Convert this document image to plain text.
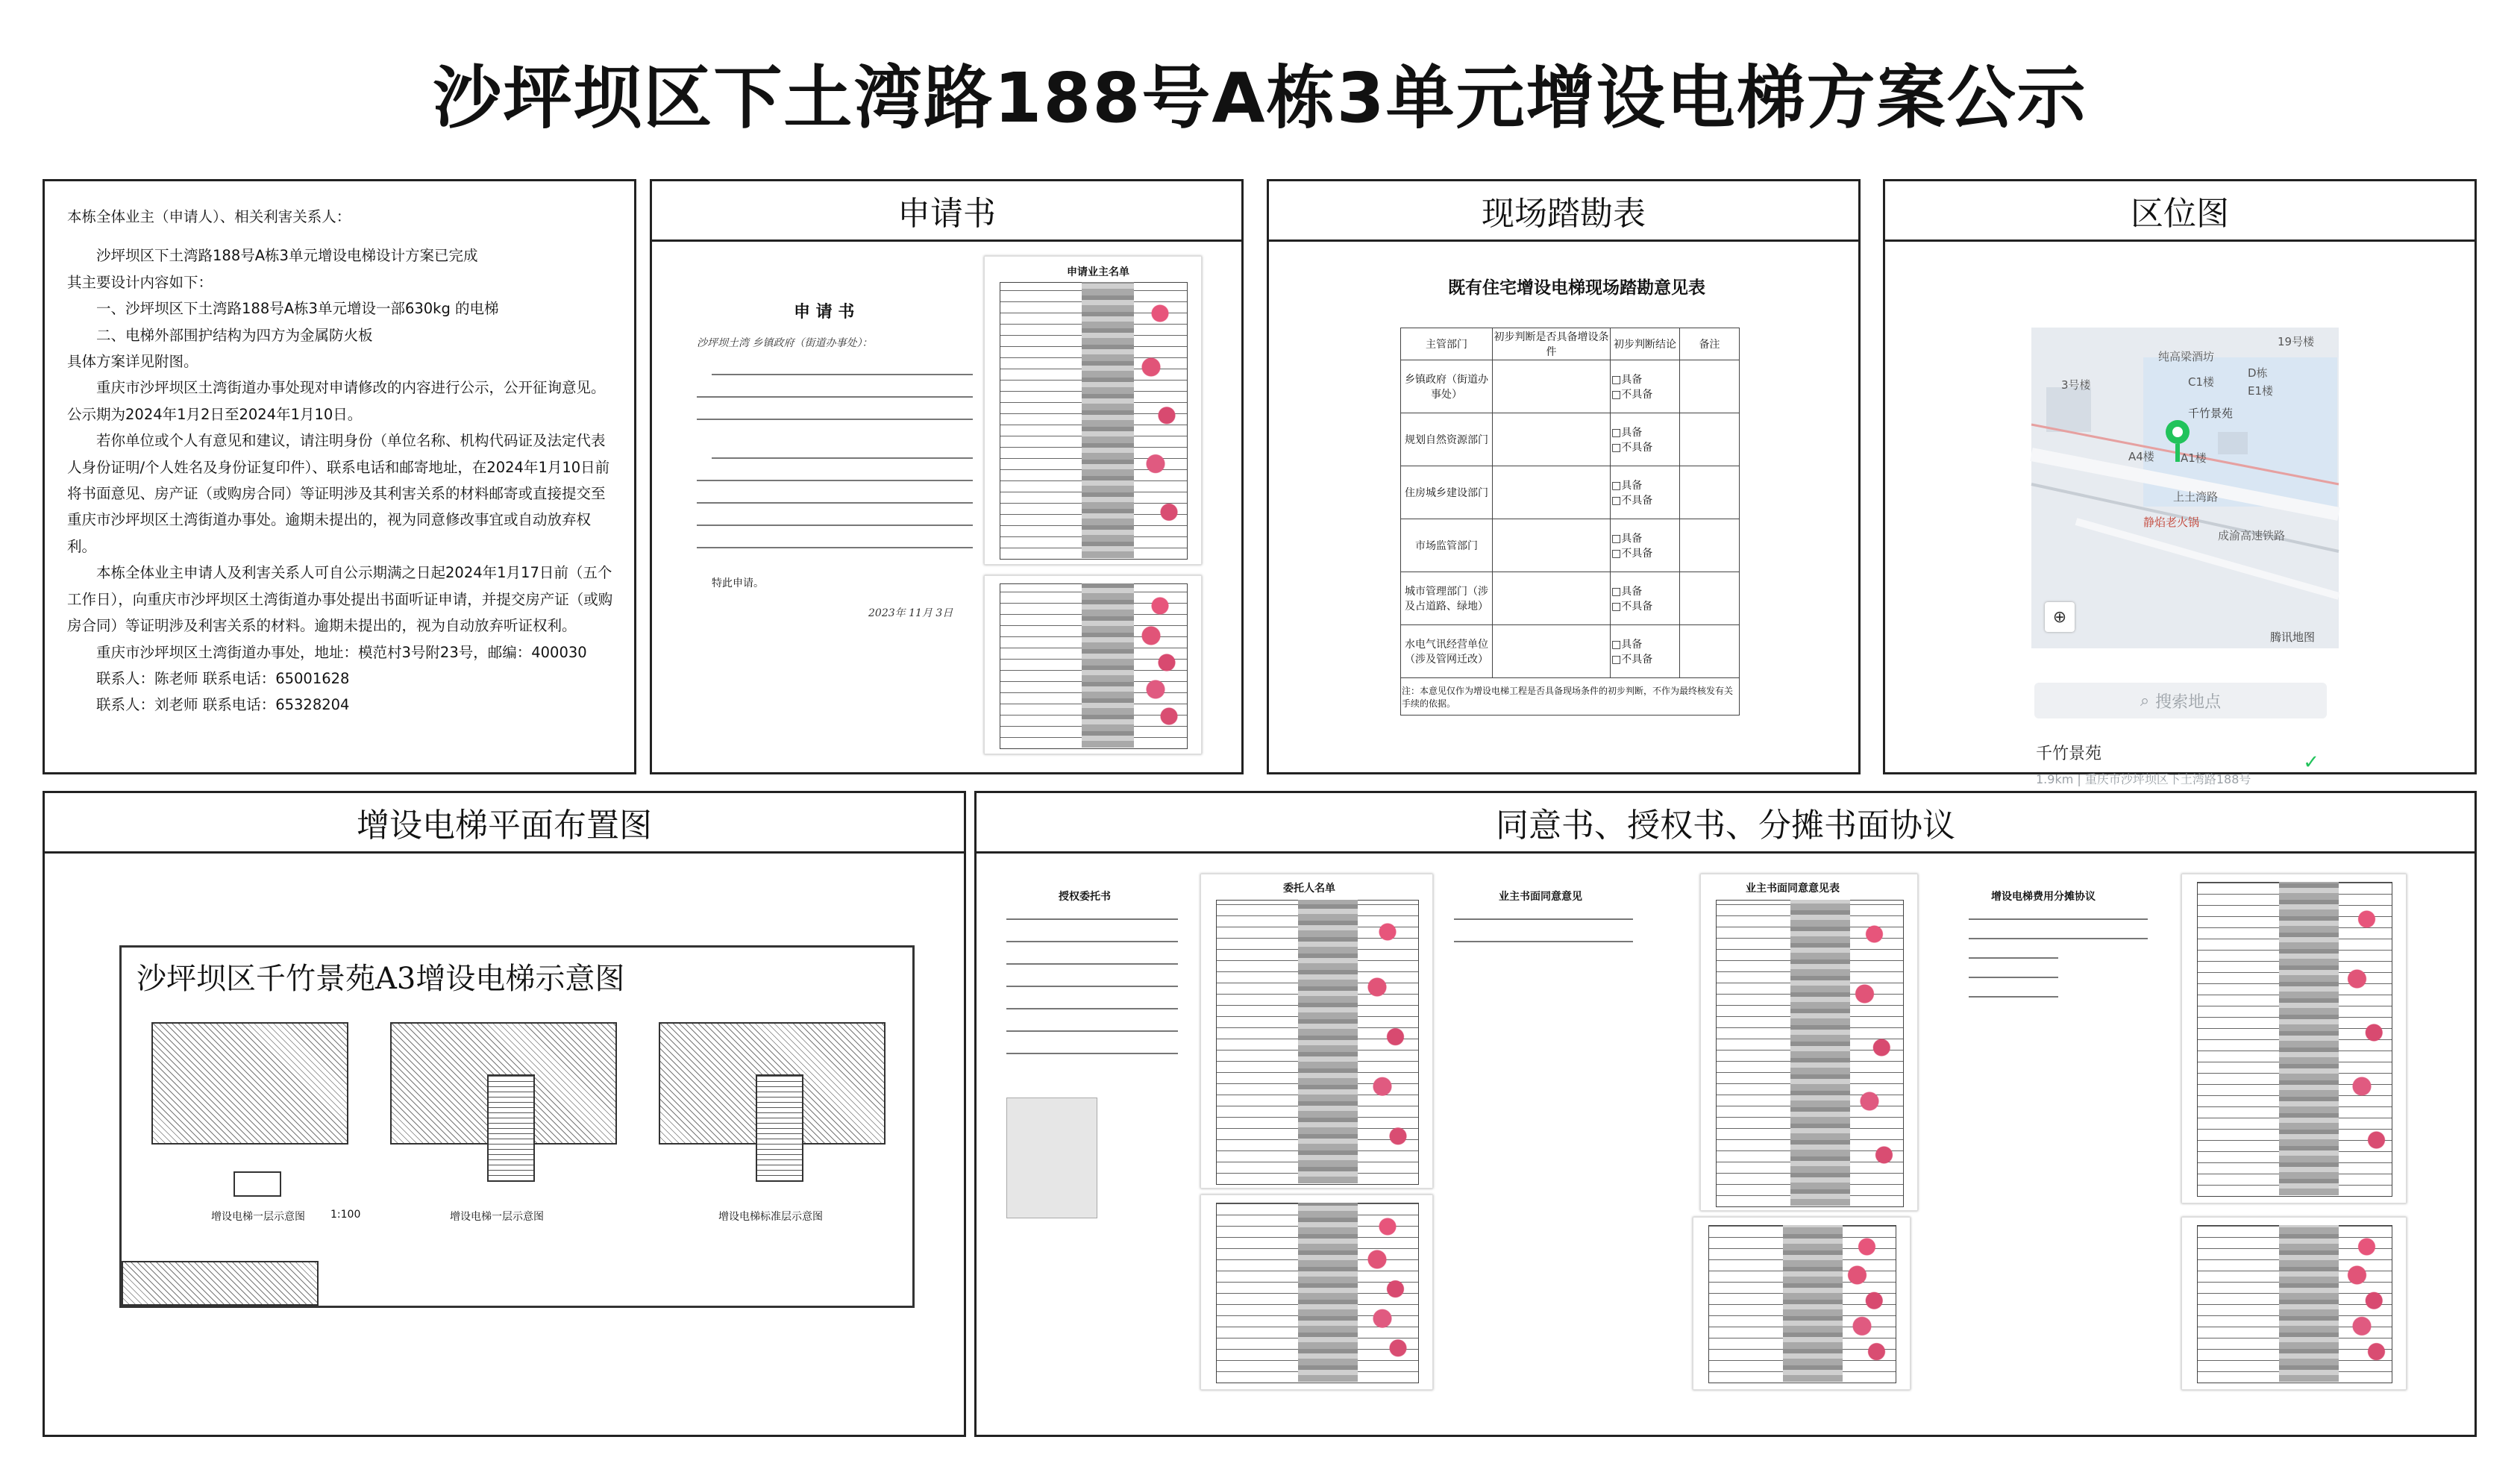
沙坪坝区下土湾路188号A栋3单元增设电梯方案公示

本栋全体业主（申请人）、相关利害关系人：

沙坪坝区下土湾路188号A栋3单元增设电梯设计方案已完成

其主要设计内容如下：

一、沙坪坝区下土湾路188号A栋3单元增设一部630kg 的电梯

二、电梯外部围护结构为四方为金属防火板

具体方案详见附图。

重庆市沙坪坝区土湾街道办事处现对申请修改的内容进行公示，公开征询意见。

公示期为2024年1月2日至2024年1月10日。

若你单位或个人有意见和建议，请注明身份（单位名称、机构代码证及法定代表人身份证明/个人姓名及身份证复印件）、联系电话和邮寄地址，在2024年1月10日前将书面意见、房产证（或购房合同）等证明涉及其利害关系的材料邮寄或直接提交至重庆市沙坪坝区土湾街道办事处。逾期未提出的，视为同意修改事宜或自动放弃权利。

本栋全体业主申请人及利害关系人可自公示期满之日起2024年1月17日前（五个工作日），向重庆市沙坪坝区土湾街道办事处提出书面听证申请，并提交房产证（或购房合同）等证明涉及利害关系的材料。逾期未提出的，视为自动放弃听证权利。

重庆市沙坪坝区土湾街道办事处，地址：模范村3号附23号，邮编：400030

联系人：陈老师 联系电话：65001628

联系人：刘老师 联系电话：65328204

申请书
申 请 书
沙坪坝土湾 乡镇政府（街道办事处）：
特此申请。
2023年 11月 3日
申请业主名单
现场踏勘表
既有住宅增设电梯现场踏勘意见表
主管部门	初步判断是否具备增设条件	初步判断结论	备注
乡镇政府（街道办事处）		□具备
□不具备	

规划自然资源部门		□具备
□不具备	

住房城乡建设部门		□具备
□不具备	

市场监管部门		□具备
□不具备	

城市管理部门（涉及占道路、绿地）		□具备
□不具备	

水电气讯经营单位（涉及管网迁改）		□具备
□不具备	

注：本意见仅作为增设电梯工程是否具备现场条件的初步判断，不作为最终核发有关手续的依据。			
区位图
纯高梁酒坊
19号楼
D栋
C1楼
E1楼
3号楼
千竹景苑
A4楼 A1楼
静焰老火锅
成渝高速铁路
上土湾路
⊕
腾讯地图
⌕ 搜索地点
千竹景苑
1.9km | 重庆市沙坪坝区下土湾路188号
✓
增设电梯平面布置图
沙坪坝区千竹景苑A3增设电梯示意图
增设电梯一层示意图	增设电梯一层示意图	增设电梯标准层示意图
1:100
同意书、授权书、分摊书面协议
授权委托书
委托人名单
业主书面同意意见
业主书面同意意见表
增设电梯费用分摊协议
